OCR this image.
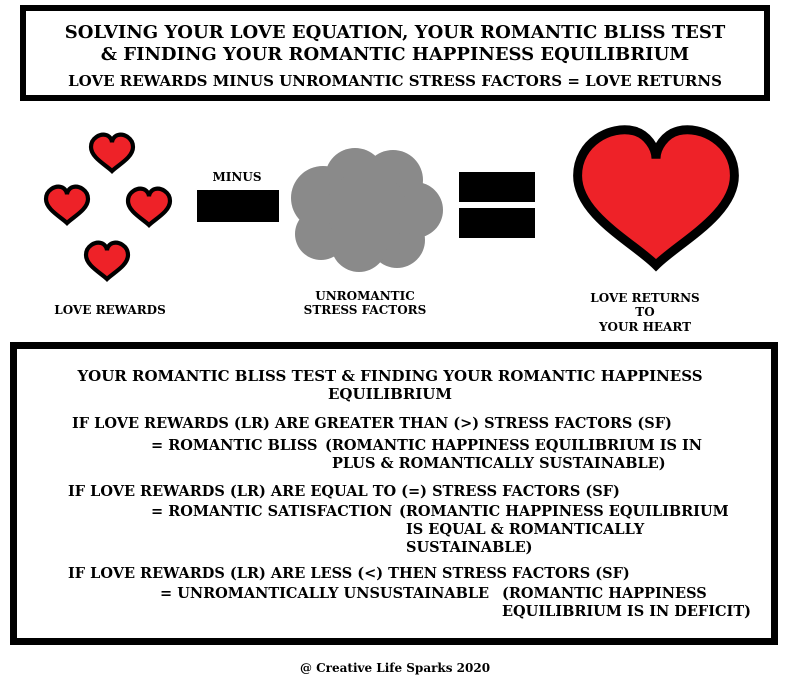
SOLVING YOUR LOVE EQUATION, YOUR ROMANTIC BLISS TEST
& FINDING YOUR ROMANTIC HAPPINESS EQUILIBRIUM
LOVE REWARDS MINUS UNROMANTIC STRESS FACTORS = LOVE RETURNS
LOVE REWARDS
MINUS
UNROMANTIC
STRESS FACTORS
LOVE RETURNS
TO
YOUR HEART
YOUR ROMANTIC BLISS TEST & FINDING YOUR ROMANTIC HAPPINESS
EQUILIBRIUM
IF LOVE REWARDS (LR) ARE GREATER THAN (>) STRESS FACTORS (SF)
= ROMANTIC BLISS (ROMANTIC HAPPINESS EQUILIBRIUM IS IN
PLUS & ROMANTICALLY SUSTAINABLE)
IF LOVE REWARDS (LR) ARE EQUAL TO (=) STRESS FACTORS (SF)
= ROMANTIC SATISFACTION (ROMANTIC HAPPINESS EQUILIBRIUM
IS EQUAL & ROMANTICALLY
SUSTAINABLE)
IF LOVE REWARDS (LR) ARE LESS (<) THEN STRESS FACTORS (SF)
= UNROMANTICALLY UNSUSTAINABLE (ROMANTIC HAPPINESS
EQUILIBRIUM IS IN DEFICIT)
@ Creative Life Sparks 2020
